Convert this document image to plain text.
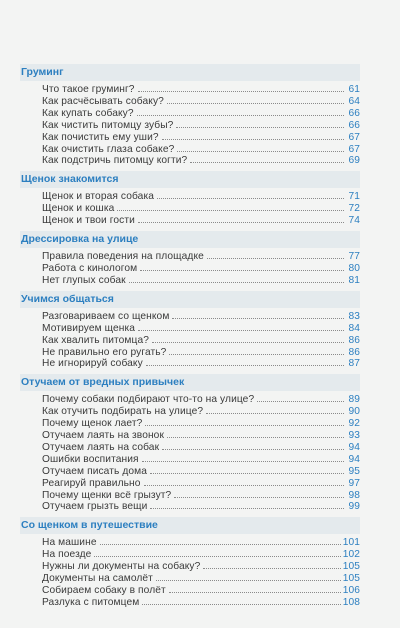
Груминг
Что такое груминг?	61
Как расчёсывать собаку?	64
Как купать собаку?	66
Как чистить питомцу зубы?	66
Как почистить ему уши?	67
Как очистить глаза собаке?	67
Как подстричь питомцу когти?	69
Щенок знакомится
Щенок и вторая собака	71
Щенок и кошка	72
Щенок и твои гости	74
Дрессировка на улице
Правила поведения на площадке	77
Работа с кинологом	80
Нет глупых собак	81
Учимся общаться
Разговариваем со щенком	83
Мотивируем щенка	84
Как хвалить питомца?	86
Не правильно его ругать?	86
Не игнорируй собаку	87
Отучаем от вредных привычек
Почему собаки подбирают что-то на улице?	89
Как отучить подбирать на улице?	90
Почему щенок лает?	92
Отучаем лаять на звонок	93
Отучаем лаять на собак	94
Ошибки воспитания	94
Отучаем писать дома	95
Реагируй правильно	97
Почему щенки всё грызут?	98
Отучаем грызть вещи	99
Со щенком в путешествие
На машине	101
На поезде	102
Нужны ли документы на собаку?	105
Документы на самолёт	105
Собираем собаку в полёт	106
Разлука с питомцем	108
